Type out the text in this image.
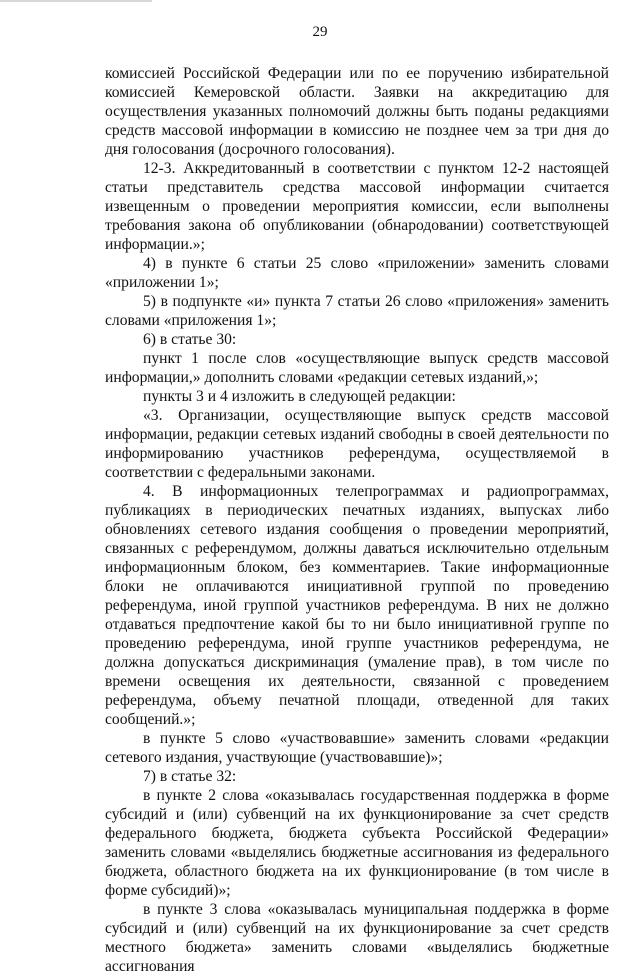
29

комиссией Российской Федерации или по ее поручению избирательной комиссией Кемеровской области. Заявки на аккредитацию для осуществления указанных полномочий должны быть поданы редакциями средств массовой информации в комиссию не позднее чем за три дня до дня голосования (досрочного голосования).

12-3. Аккредитованный в соответствии с пунктом 12-2 настоящей статьи представитель средства массовой информации считается извещенным о проведении мероприятия комиссии, если выполнены требования закона об опубликовании (обнародовании) соответствующей информации.»;

4) в пункте 6 статьи 25 слово «приложении» заменить словами «приложении 1»;

5) в подпункте «и» пункта 7 статьи 26 слово «приложения» заменить словами «приложения 1»;

6) в статье 30:

пункт 1 после слов «осуществляющие выпуск средств массовой информации,» дополнить словами «редакции сетевых изданий,»;

пункты 3 и 4 изложить в следующей редакции:

«3. Организации, осуществляющие выпуск средств массовой информации, редакции сетевых изданий свободны в своей деятельности по информированию участников референдума, осуществляемой в соответствии с федеральными законами.

4. В информационных телепрограммах и радиопрограммах, публикациях в периодических печатных изданиях, выпусках либо обновлениях сетевого издания сообщения о проведении мероприятий, связанных с референдумом, должны даваться исключительно отдельным информационным блоком, без комментариев. Такие информационные блоки не оплачиваются инициативной группой по проведению референдума, иной группой участников референдума. В них не должно отдаваться предпочтение какой бы то ни было инициативной группе по проведению референдума, иной группе участников референдума, не должна допускаться дискриминация (умаление прав), в том числе по времени освещения их деятельности, связанной с проведением референдума, объему печатной площади, отведенной для таких сообщений.»;

в пункте 5 слово «участвовавшие» заменить словами «редакции сетевого издания, участвующие (участвовавшие)»;

7) в статье 32:

в пункте 2 слова «оказывалась государственная поддержка в форме субсидий и (или) субвенций на их функционирование за счет средств федерального бюджета, бюджета субъекта Российской Федерации» заменить словами «выделялись бюджетные ассигнования из федерального бюджета, областного бюджета на их функционирование (в том числе в форме субсидий)»;

в пункте 3 слова «оказывалась муниципальная поддержка в форме субсидий и (или) субвенций на их функционирование за счет средств местного бюджета» заменить словами «выделялись бюджетные ассигнования
